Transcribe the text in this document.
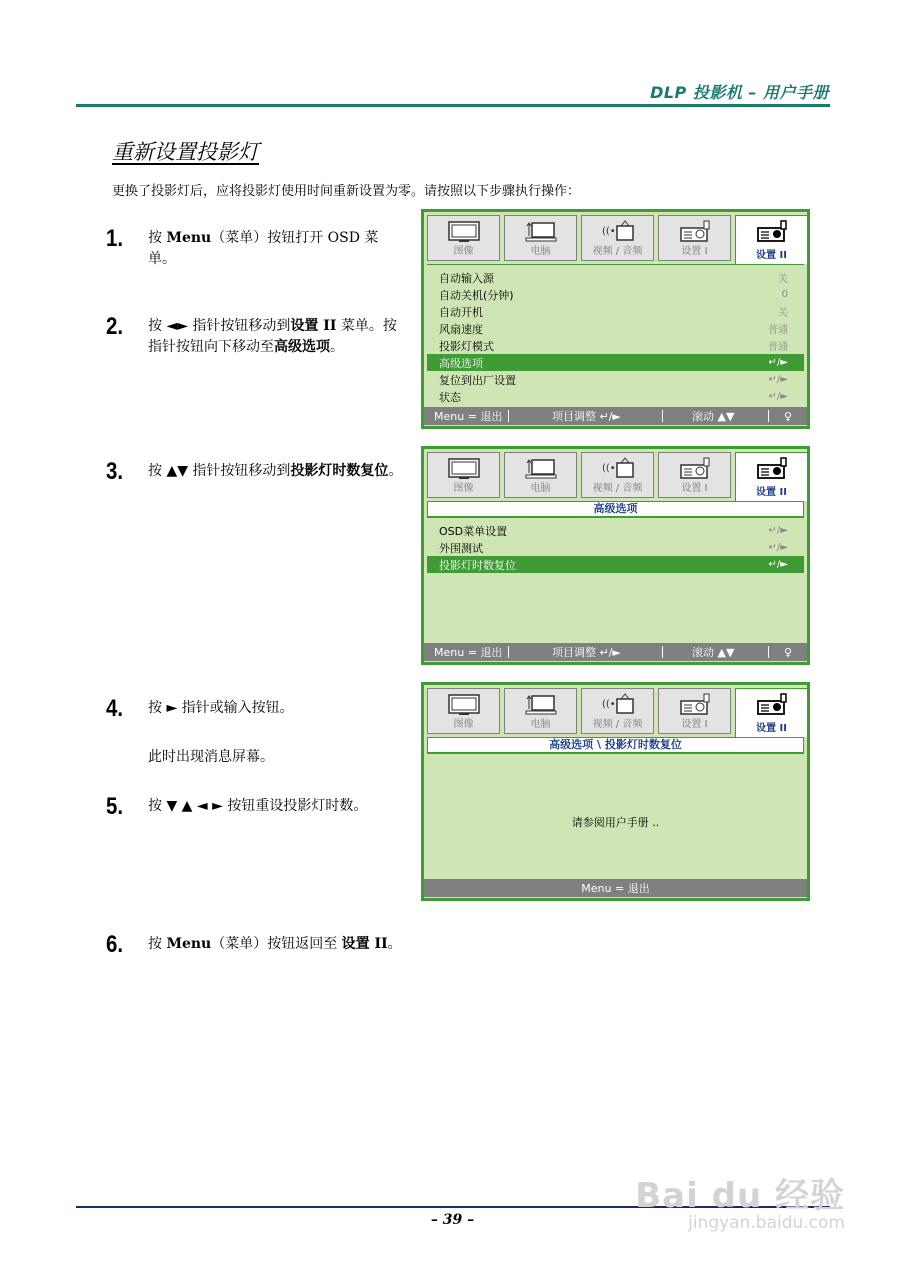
DLP 投影机 – 用户手册
重新设置投影灯
更换了投影灯后，应将投影灯使用时间重新设置为零。请按照以下步骤执行操作：
1.	按 Menu（菜单）按钮打开 OSD 菜单。
2.	按 ◄► 指针按钮移动到设置 II 菜单。按指针按钮向下移动至高级选项。
3.	按 ▲▼ 指针按钮移动到投影灯时数复位。
4.	按 ► 指针或输入按钮。
此时出现消息屏幕。
5.	按 ▼ ▲ ◄ ► 按钮重设投影灯时数。
6.	按 Menu（菜单）按钮返回至 设置 II。
图像	电脑
((•
视频 / 音频	设置 I	设置 II
自动输入源	关
自动关机(分钟)	0
自动开机	关
风扇速度	普通
投影灯模式	普通
高级选项	↵/►
复位到出厂设置	↵/►
状态	↵/►
Menu = 退出	项目调整 ↵/►	滚动 ▲▼	♀
图像	电脑
((•
视频 / 音频	设置 I	设置 II
高级选项
OSD菜单设置	↵/►
外围测试	↵/►
投影灯时数复位	↵/►
Menu = 退出	项目调整 ↵/►	滚动 ▲▼	♀
图像	电脑
((•
视频 / 音频	设置 I	设置 II
高级选项 \ 投影灯时数复位
请参阅用户手册 ..
Menu = 退出
– 39 –
Bai du 经验
jingyan.baidu.com
